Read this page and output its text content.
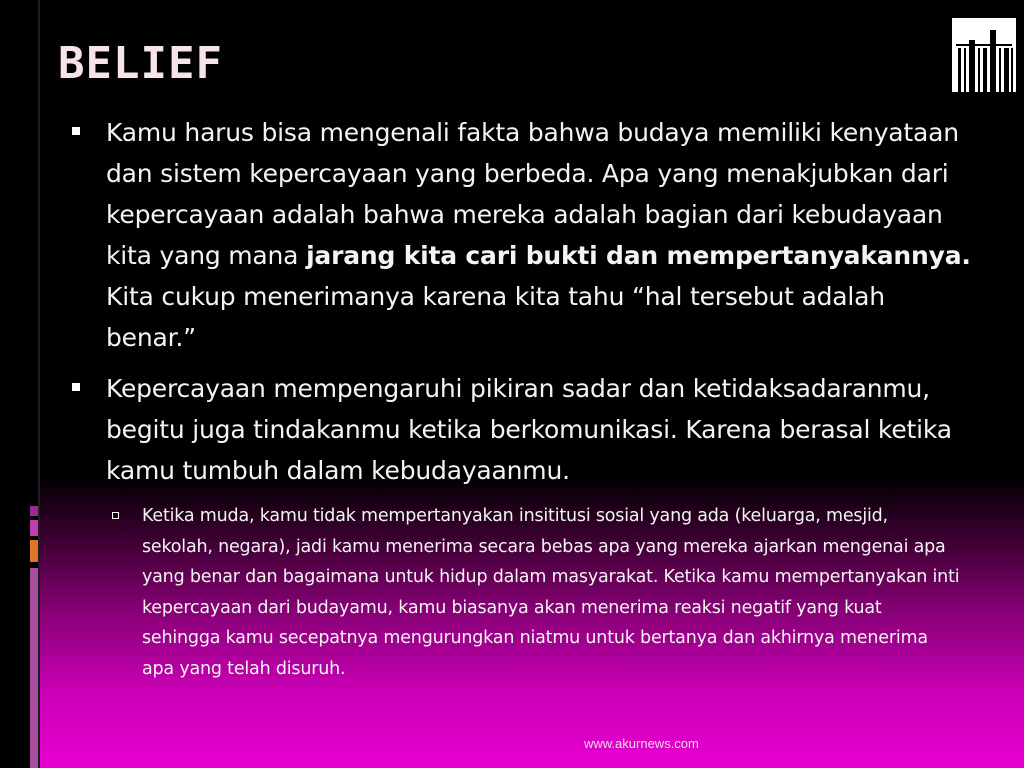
BELIEF
Kamu harus bisa mengenali fakta bahwa budaya memiliki kenyataan dan sistem kepercayaan yang berbeda. Apa yang menakjubkan dari kepercayaan adalah bahwa mereka adalah bagian dari kebudayaan kita yang mana jarang kita cari bukti dan mempertanyakannya. Kita cukup menerimanya karena kita tahu “hal tersebut adalah benar.”
Kepercayaan mempengaruhi pikiran sadar dan ketidaksadaranmu, begitu juga tindakanmu ketika berkomunikasi. Karena berasal ketika kamu tumbuh dalam kebudayaanmu.
Ketika muda, kamu tidak mempertanyakan insititusi sosial yang ada (keluarga, mesjid, sekolah, negara), jadi kamu menerima secara bebas apa yang mereka ajarkan mengenai apa yang benar dan bagaimana untuk hidup dalam masyarakat. Ketika kamu mempertanyakan inti kepercayaan dari budayamu, kamu biasanya akan menerima reaksi negatif yang kuat sehingga kamu secepatnya mengurungkan niatmu untuk bertanya dan akhirnya menerima apa yang telah disuruh.
www.akurnews.com
